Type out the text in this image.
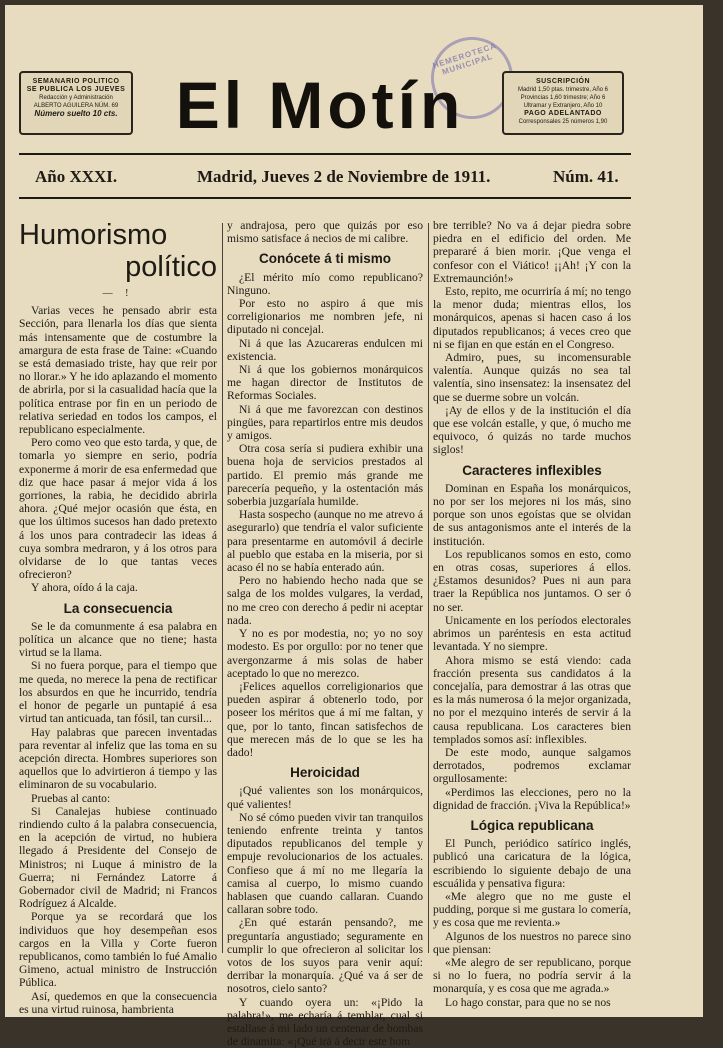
HEMEROTECA MUNICIPAL
SEMANARIO POLITICO
SE PUBLICA LOS JUEVES
Redacción y Administración
ALBERTO AGUILERA NÚM. 69
Número suelto 10 cts. El Motín	SUSCRIPCIÓN
Madrid 1,50 ptas. trimestre, Año 6
Provincias 1,60 trimestre; Año 6
Ultramar y Extranjero, Año 10
PAGO ADELANTADO
Corresponsales 25 números 1,90
Año XXXI.	Madrid, Jueves 2 de Noviembre de 1911.	Núm. 41.
Humorismo
político
— !

Varias veces he pensado abrir esta Sección, para llenarla los días que sienta más intensamente que de costumbre la amargura de esta frase de Taine: «Cuando se está demasiado triste, hay que reir por no llorar.» Y he ido aplazando el momento de abrirla, por si la casualidad hacía que la política entrase por fin en un periodo de relativa seriedad en todos los campos, el republicano especialmente.

Pero como veo que esto tarda, y que, de tomarla yo siempre en serio, podría exponerme á morir de esa enfermedad que diz que hace pasar á mejor vida á los gorriones, la rabia, he decidido abrirla ahora. ¿Qué mejor ocasión que ésta, en que los últimos sucesos han dado pretexto á los unos para contradecir las ideas á cuya sombra medraron, y á los otros para olvidarse de lo que tantas veces ofrecieron?

Y ahora, oído á la caja.

La consecuencia

Se le da comunmente á esa palabra en política un alcance que no tiene; hasta virtud se la llama.

Si no fuera porque, para el tiempo que me queda, no merece la pena de rectificar los absurdos en que he incurrido, tendría el honor de pegarle un puntapié á esa virtud tan anticuada, tan fósil, tan cursil...

Hay palabras que parecen inventadas para reventar al infeliz que las toma en su acepción directa. Hombres superiores son aquellos que lo advirtieron á tiempo y las eliminaron de su vocabulario.

Pruebas al canto:

Si Canalejas hubiese continuado rindiendo culto á la palabra consecuencia, en la acepción de virtud, no hubiera llegado á Presidente del Consejo de Ministros; ni Luque á ministro de la Guerra; ni Fernández Latorre á Gobernador civil de Madrid; ni Francos Rodríguez á Alcalde.

Porque ya se recordará que los individuos que hoy desempeñan esos cargos en la Villa y Corte fueron republicanos, como también lo fué Amalio Gimeno, actual ministro de Instrucción Pública.

Así, quedemos en que la consecuencia es una virtud ruinosa, hambrienta

y andrajosa, pero que quizás por eso mismo satisface á necios de mi calibre.

Conócete á ti mismo

¿El mérito mío como republicano? Ninguno.

Por esto no aspiro á que mis correligionarios me nombren jefe, ni diputado ni concejal.

Ni á que las Azucareras endulcen mi existencia.

Ni á que los gobiernos monárquicos me hagan director de Institutos de Reformas Sociales.

Ni á que me favorezcan con destinos pingües, para repartirlos entre mis deudos y amigos.

Otra cosa sería si pudiera exhibir una buena hoja de servicios prestados al partido. El premio más grande me parecería pequeño, y la ostentación más soberbia juzgaríala humilde.

Hasta sospecho (aunque no me atrevo á asegurarlo) que tendría el valor suficiente para presentarme en automóvil á decirle al pueblo que estaba en la miseria, por si acaso él no se había enterado aún.

Pero no habiendo hecho nada que se salga de los moldes vulgares, la verdad, no me creo con derecho á pedir ni aceptar nada.

Y no es por modestia, no; yo no soy modesto. Es por orgullo: por no tener que avergonzarme á mis solas de haber aceptado lo que no merezco.

¡Felices aquellos correligionarios que pueden aspirar á obtenerlo todo, por poseer los méritos que á mí me faltan, y que, por lo tanto, fincan satisfechos de que merecen más de lo que se les ha dado!

Heroicidad

¡Qué valientes son los monárquicos, qué valientes!

No sé cómo pueden vivir tan tranquilos teniendo enfrente treinta y tantos diputados republicanos del temple y empuje revolucionarios de los actuales. Confieso que á mí no me llegaría la camisa al cuerpo, lo mismo cuando hablasen que cuando callaran. Cuando callaran sobre todo.

¿En qué estarán pensando?, me preguntaría angustiado; seguramente en cumplir lo que ofrecieron al solicitar los votos de los suyos para venir aquí: derribar la monarquía. ¿Qué va á ser de nosotros, cielo santo?

Y cuando oyera un: «¡Pido la palabra!», me echaría á temblar, cual si estallase á mi lado un centenar de bombas de dinamita: «¡Qué irá á decir este hom

bre terrible? No va á dejar piedra sobre piedra en el edificio del orden. Me prepararé á bien morir. ¡Que venga el confesor con el Viático! ¡¡Ah! ¡Y con la Extremaunción!»

Esto, repito, me ocurriría á mí; no tengo la menor duda; mientras ellos, los monárquicos, apenas si hacen caso á los diputados republicanos; á veces creo que ni se fijan en que están en el Congreso.

Admiro, pues, su incomensurable valentía. Aunque quizás no sea tal valentía, sino insensatez: la insensatez del que se duerme sobre un volcán.

¡Ay de ellos y de la institución el día que ese volcán estalle, y que, ó mucho me equivoco, ó quizás no tarde muchos siglos!

Caracteres inflexibles

Dominan en España los monárquicos, no por ser los mejores ni los más, sino porque son unos egoístas que se olvidan de sus antagonismos ante el interés de la institución.

Los republicanos somos en esto, como en otras cosas, superiores á ellos. ¿Estamos desunidos? Pues ni aun para traer la República nos juntamos. O ser ó no ser.

Unicamente en los períodos electorales abrimos un paréntesis en esta actitud levantada. Y no siempre.

Ahora mismo se está viendo: cada fracción presenta sus candidatos á la concejalía, para demostrar á las otras que es la más numerosa ó la mejor organizada, no por el mezquino interés de servir á la causa republicana. Los caracteres bien templados somos así: inflexibles.

De este modo, aunque salgamos derrotados, podremos exclamar orgullosamente:

«Perdimos las elecciones, pero no la dignidad de fracción. ¡Viva la República!»

Lógica republicana

El Punch, periódico satírico inglés, publicó una caricatura de la lógica, escribiendo lo siguiente debajo de una escuálida y pensativa figura:

«Me alegro que no me guste el pudding, porque si me gustara lo comería, y es cosa que me revienta.»

Algunos de los nuestros no parece sino que piensan:

«Me alegro de ser republicano, porque si no lo fuera, no podría servir á la monarquía, y es cosa que me agrada.»

Lo hago constar, para que no se nos
